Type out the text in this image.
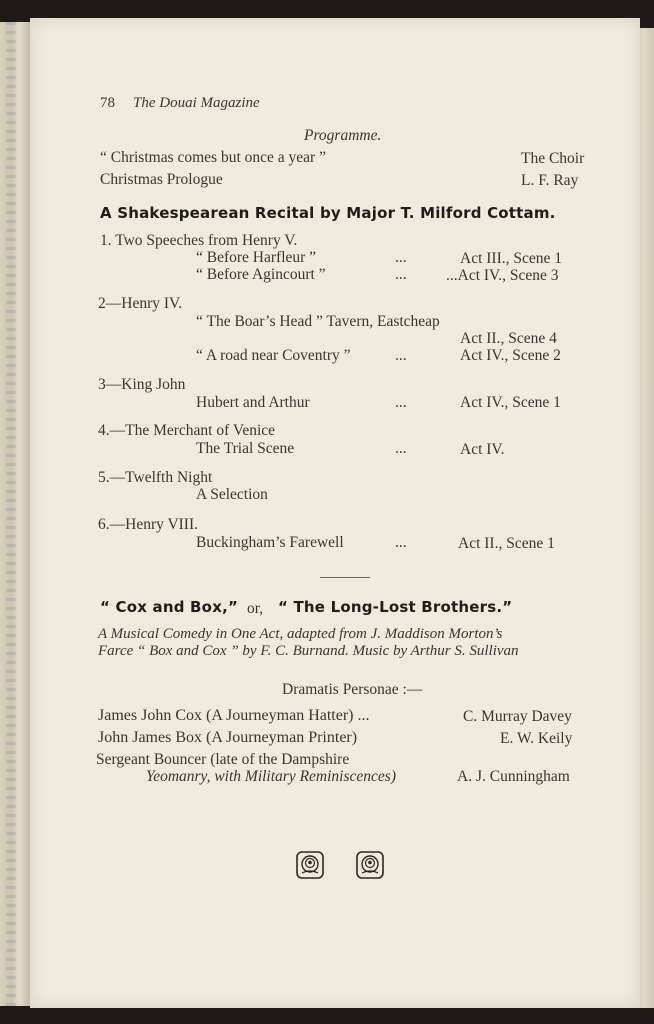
78 The Douai Magazine
Programme.
“ Christmas comes but once a year ”	The Choir
Christmas Prologue	L. F. Ray
A Shakespearean Recital by Major T. Milford Cottam.
1. Two Speeches from Henry V.
“ Before Harfleur ”	...	Act III., Scene 1
“ Before Agincourt ”	...	...Act IV., Scene 3
2—Henry IV.
“ The Boar’s Head ” Tavern, Eastcheap
Act II., Scene 4
“ A road near Coventry ”	...	Act IV., Scene 2
3—King John
Hubert and Arthur	...	Act IV., Scene 1
4.—The Merchant of Venice
The Trial Scene	...	Act IV.
5.—Twelfth Night
A Selection
6.—Henry VIII.
Buckingham’s Farewell	...	Act II., Scene 1
“ Cox and Box,” or, “ The Long-Lost Brothers.”
A Musical Comedy in One Act, adapted from J. Maddison Morton’s
Farce “ Box and Cox ” by F. C. Burnand. Music by Arthur S. Sullivan
Dramatis Personae :—
James John Cox (A Journeyman Hatter) ...	C. Murray Davey
John James Box (A Journeyman Printer)	E. W. Keily
Sergeant Bouncer (late of the Dampshire
Yeomanry, with Military Reminiscences)	A. J. Cunningham
